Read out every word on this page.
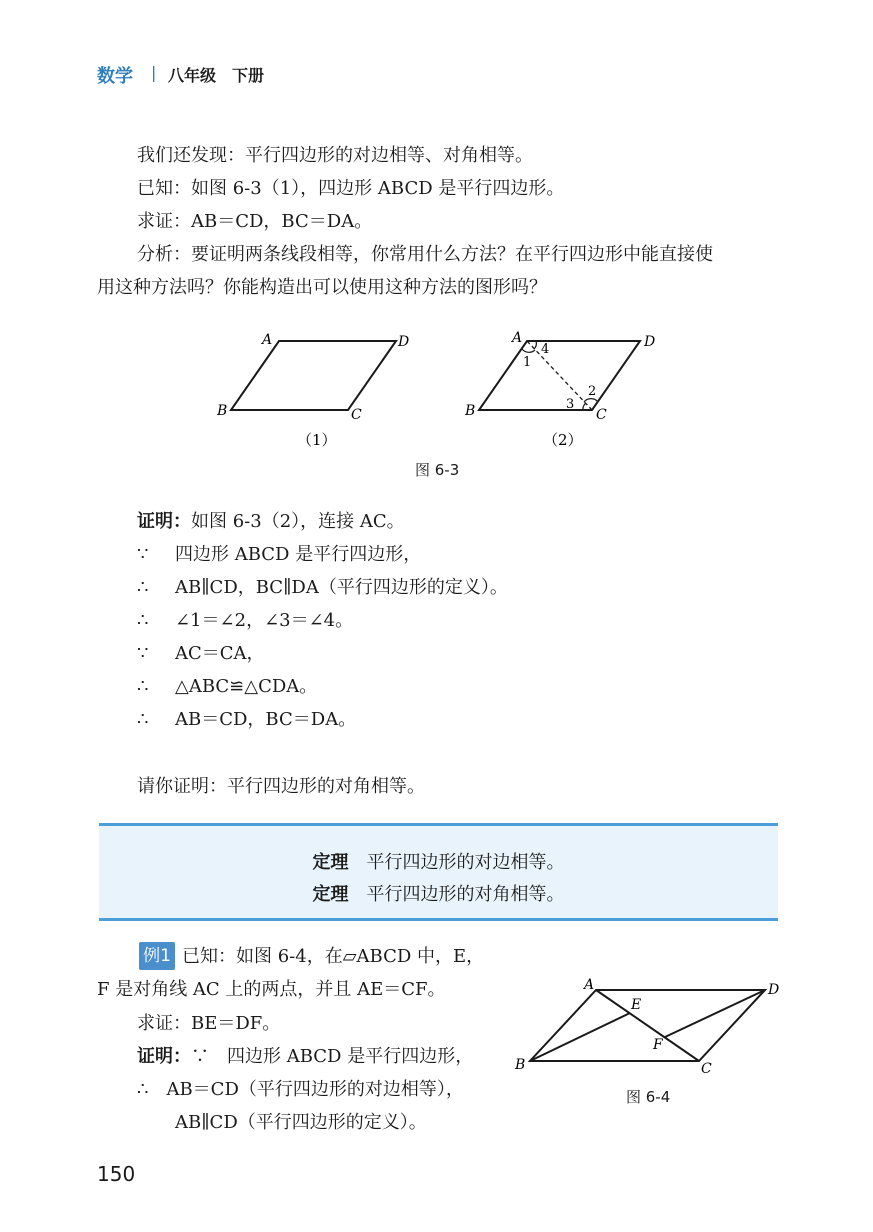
数学 | 八年级　下册
我们还发现：平行四边形的对边相等、对角相等。
已知：如图 6-3（1），四边形 ABCD 是平行四边形。
求证：AB＝CD，BC＝DA。
分析：要证明两条线段相等，你常用什么方法？在平行四边形中能直接使
用这种方法吗？你能构造出可以使用这种方法的图形吗？
A	D
B	C
（1）
A	D
B	C
1
2
3
4
（2）
图 6-3
证明：如图 6-3（2），连接 AC。
∵ 四边形 ABCD 是平行四边形，
∴ AB∥CD，BC∥DA（平行四边形的定义）。
∴ ∠1＝∠2，∠3＝∠4。
∵ AC＝CA，
∴ △ABC≌△CDA。
∴ AB＝CD，BC＝DA。
请你证明：平行四边形的对角相等。
定理　 平行四边形的对边相等。
定理　 平行四边形的对角相等。
例1 已知：如图 6-4，在▱ABCD 中，E，
F 是对角线 AC 上的两点，并且 AE＝CF。
求证：BE＝DF。
证明：∵　四边形 ABCD 是平行四边形，
∴　AB＝CD（平行四边形的对边相等），
AB∥CD（平行四边形的定义）。
A	D
B	C
E
F
图 6-4
150
